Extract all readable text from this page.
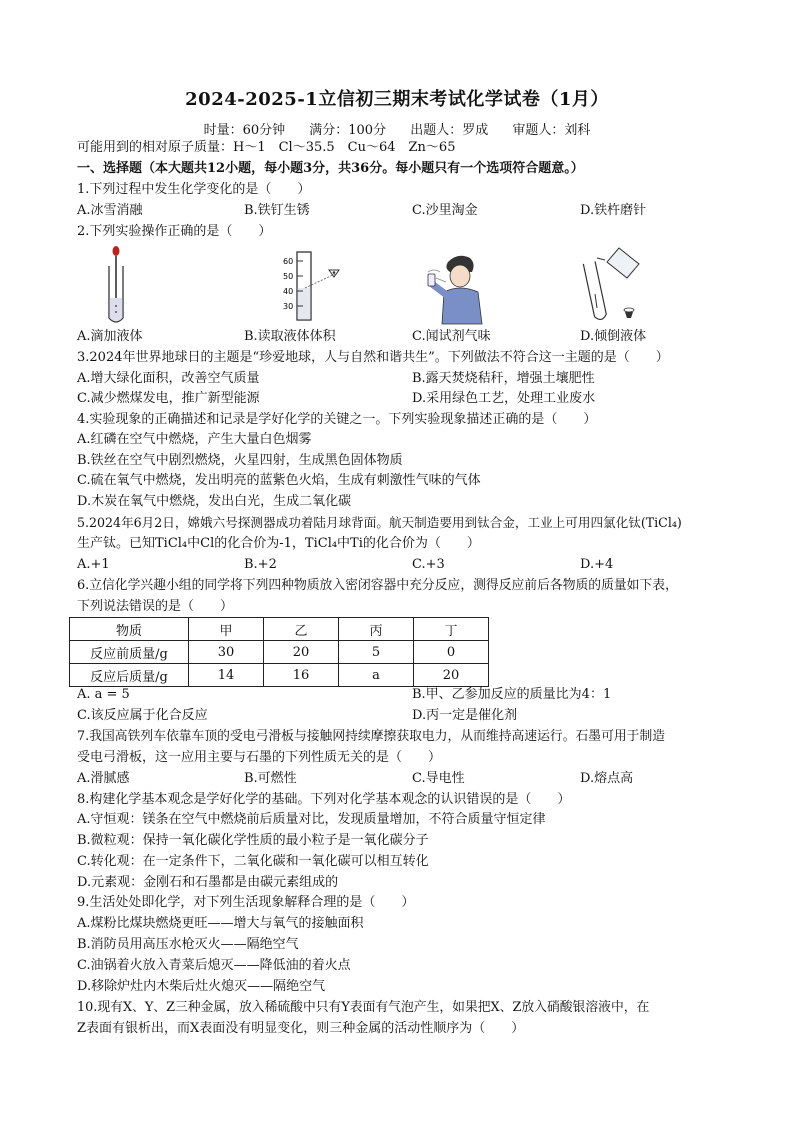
2024-2025-1立信初三期末考试化学试卷（1月）
时量：60分钟 满分：100分 出题人：罗成 审题人：刘科
可能用到的相对原子质量：H～1　Cl～35.5　Cu～64　Zn～65
一、选择题（本大题共12小题，每小题3分，共36分。每小题只有一个选项符合题意。）
1.下列过程中发生化学变化的是（　　）
A.冰雪消融	B.铁钉生锈	C.沙里淘金	D.铁杵磨针
2.下列实验操作正确的是（　　）
60
50
40
30
A.滴加液体	B.读取液体体积	C.闻试剂气味	D.倾倒液体
3.2024年世界地球日的主题是“珍爱地球，人与自然和谐共生”。下列做法不符合这一主题的是（　　）
A.增大绿化面积，改善空气质量	B.露天焚烧秸秆，增强土壤肥性
C.减少燃煤发电，推广新型能源	D.采用绿色工艺，处理工业废水
4.实验现象的正确描述和记录是学好化学的关键之一。下列实验现象描述正确的是（　　）
A.红磷在空气中燃烧，产生大量白色烟雾
B.铁丝在空气中剧烈燃烧，火星四射，生成黑色固体物质
C.硫在氧气中燃烧，发出明亮的蓝紫色火焰，生成有刺激性气味的气体
D.木炭在氧气中燃烧，发出白光，生成二氧化碳
5.2024年6月2日，嫦娥六号探测器成功着陆月球背面。航天制造要用到钛合金，工业上可用四氯化钛(TiCl₄)
生产钛。已知TiCl₄中Cl的化合价为-1，TiCl₄中Ti的化合价为（　　）
A.+1	B.+2	C.+3	D.+4
6.立信化学兴趣小组的同学将下列四种物质放入密闭容器中充分反应，测得反应前后各物质的质量如下表，
下列说法错误的是（　　）
物质	甲	乙	丙	丁
反应前质量/g	30	20	5	0
反应后质量/g	14	16	a	20
A. a = 5	B.甲、乙参加反应的质量比为4：1
C.该反应属于化合反应	D.丙一定是催化剂
7.我国高铁列车依靠车顶的受电弓滑板与接触网持续摩擦获取电力，从而维持高速运行。石墨可用于制造
受电弓滑板，这一应用主要与石墨的下列性质无关的是（　　）
A.滑腻感	B.可燃性	C.导电性	D.熔点高
8.构建化学基本观念是学好化学的基础。下列对化学基本观念的认识错误的是（　　）
A.守恒观：镁条在空气中燃烧前后质量对比，发现质量增加，不符合质量守恒定律
B.微粒观：保持一氧化碳化学性质的最小粒子是一氧化碳分子
C.转化观：在一定条件下，二氧化碳和一氧化碳可以相互转化
D.元素观：金刚石和石墨都是由碳元素组成的
9.生活处处即化学，对下列生活现象解释合理的是（　　）
A.煤粉比煤块燃烧更旺——增大与氧气的接触面积
B.消防员用高压水枪灭火——隔绝空气
C.油锅着火放入青菜后熄灭——降低油的着火点
D.移除炉灶内木柴后灶火熄灭——隔绝空气
10.现有X、Y、Z三种金属，放入稀硫酸中只有Y表面有气泡产生，如果把X、Z放入硝酸银溶液中，在
Z表面有银析出，而X表面没有明显变化，则三种金属的活动性顺序为（　　）
